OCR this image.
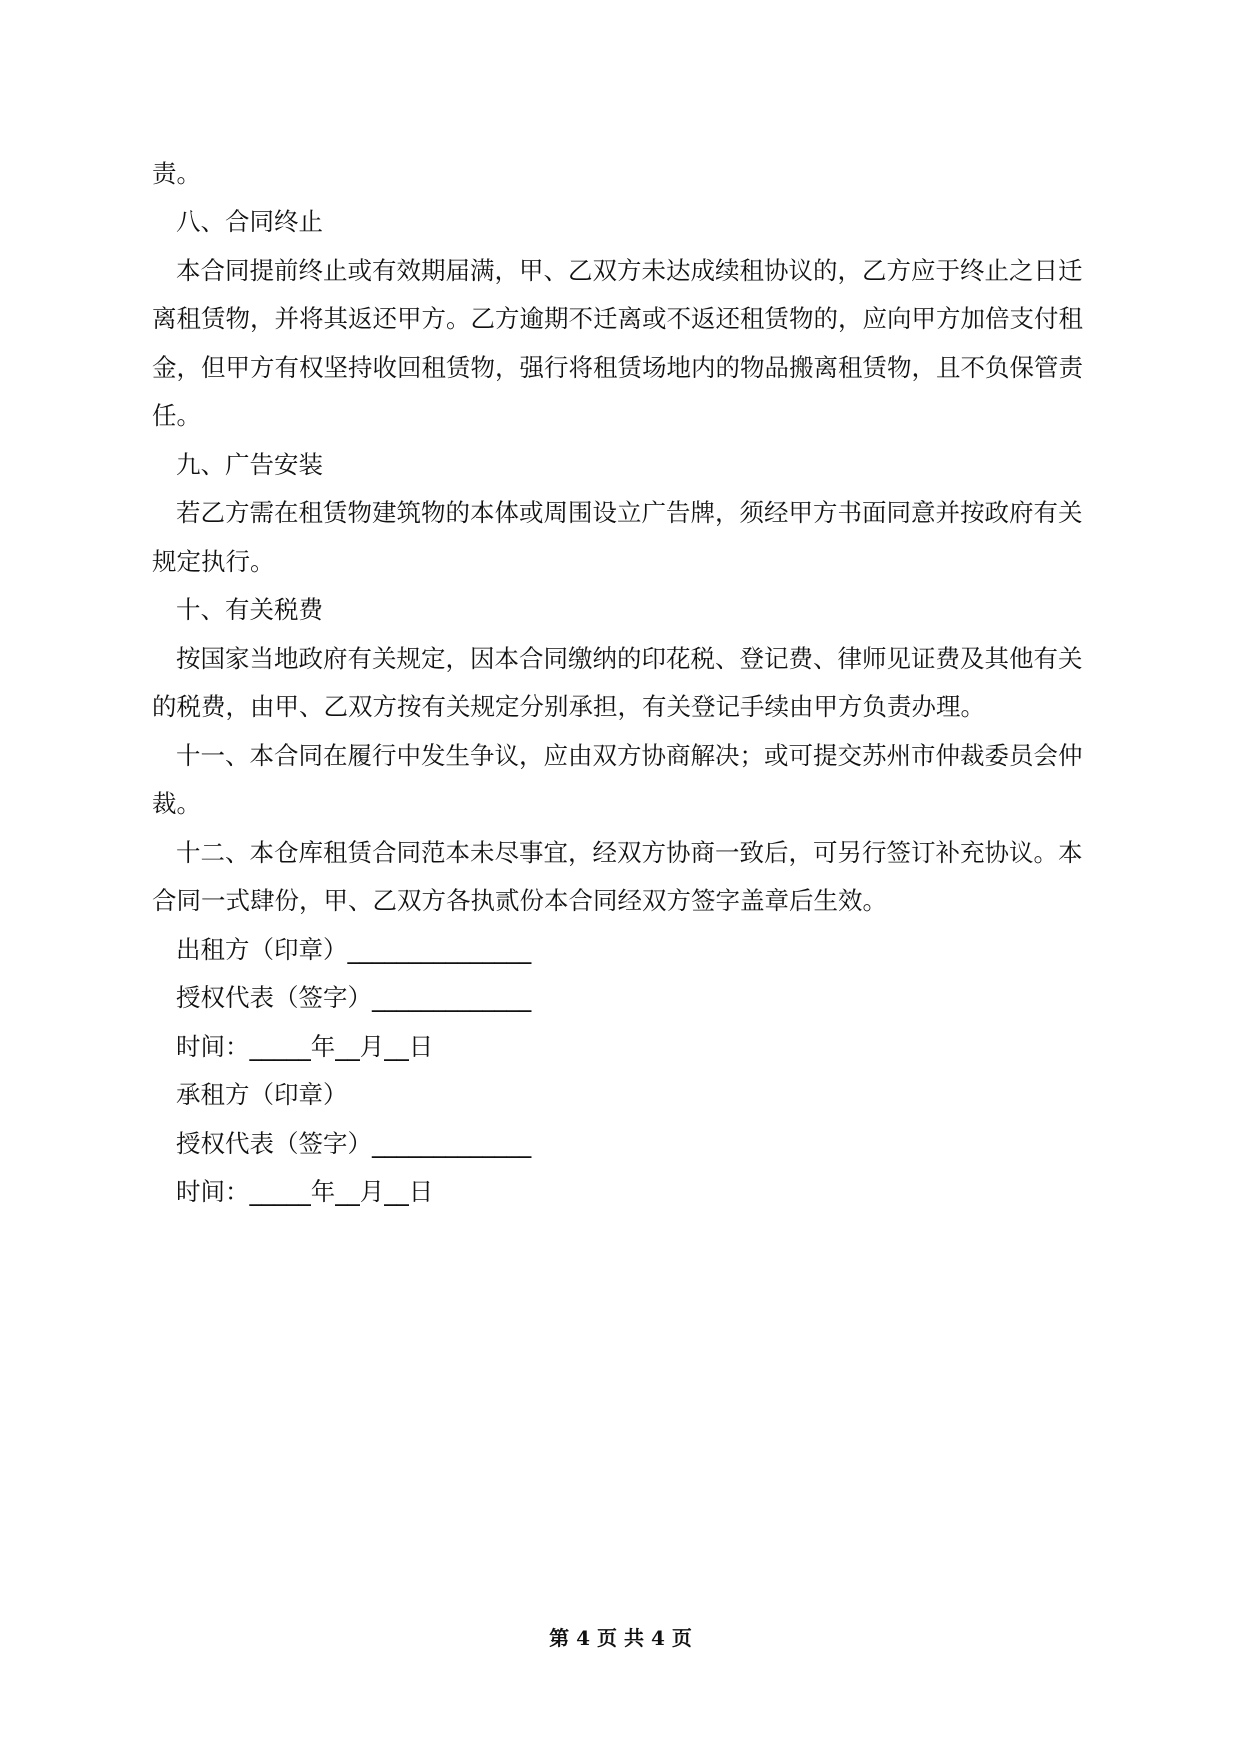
责。
八、合同终止
本合同提前终止或有效期届满，甲、乙双方未达成续租协议的，乙方应于终止之日迁
离租赁物，并将其返还甲方。乙方逾期不迁离或不返还租赁物的，应向甲方加倍支付租
金，但甲方有权坚持收回租赁物，强行将租赁场地内的物品搬离租赁物，且不负保管责
任。
九、广告安装
若乙方需在租赁物建筑物的本体或周围设立广告牌，须经甲方书面同意并按政府有关
规定执行。
十、有关税费
按国家当地政府有关规定，因本合同缴纳的印花税、登记费、律师见证费及其他有关
的税费，由甲、乙双方按有关规定分别承担，有关登记手续由甲方负责办理。
十一、本合同在履行中发生争议，应由双方协商解决；或可提交苏州市仲裁委员会仲
裁。
十二、本仓库租赁合同范本未尽事宜，经双方协商一致后，可另行签订补充协议。本
合同一式肆份，甲、乙双方各执贰份本合同经双方签字盖章后生效。
出租方（印章）_______________
授权代表（签字）_____________
时间：_____年__月__日
承租方（印章）
授权代表（签字）_____________
时间：_____年__月__日
第 4 页 共 4 页
